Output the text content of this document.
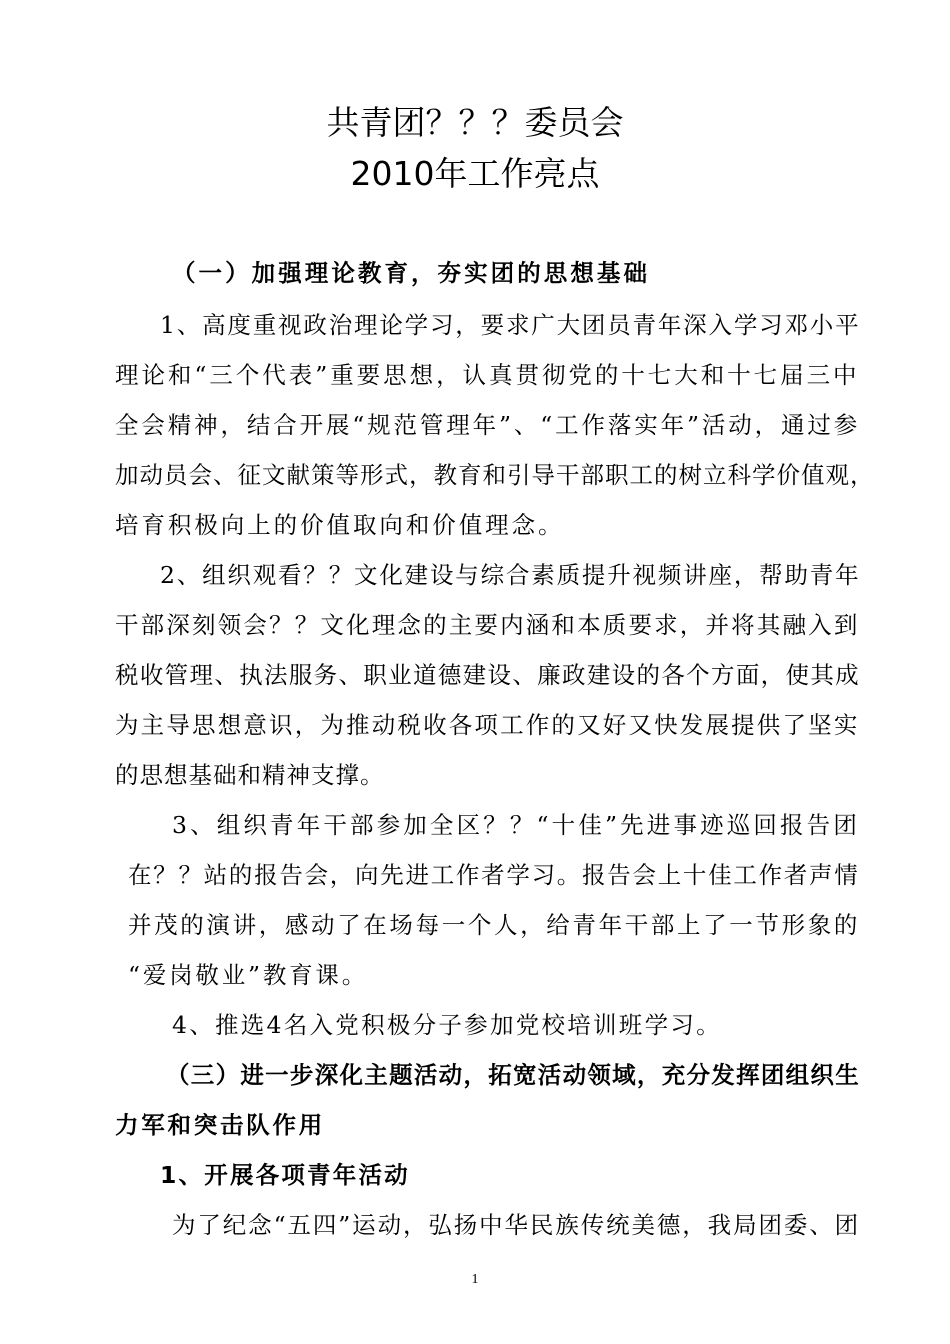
共青团？？？委员会
2010年工作亮点
（一）加强理论教育，夯实团的思想基础
1、高度重视政治理论学习，要求广大团员青年深入学习邓小平
理论和“三个代表”重要思想，认真贯彻党的十七大和十七届三中
全会精神，结合开展“规范管理年”、“工作落实年”活动，通过参
加动员会、征文献策等形式，教育和引导干部职工的树立科学价值观，
培育积极向上的价值取向和价值理念。
2、组织观看？？文化建设与综合素质提升视频讲座，帮助青年
干部深刻领会？？文化理念的主要内涵和本质要求，并将其融入到
税收管理、执法服务、职业道德建设、廉政建设的各个方面，使其成
为主导思想意识，为推动税收各项工作的又好又快发展提供了坚实
的思想基础和精神支撑。
3、组织青年干部参加全区？？“十佳”先进事迹巡回报告团
在？？站的报告会，向先进工作者学习。报告会上十佳工作者声情
并茂的演讲，感动了在场每一个人，给青年干部上了一节形象的
“爱岗敬业”教育课。
4、推选4名入党积极分子参加党校培训班学习。
（三）进一步深化主题活动，拓宽活动领域，充分发挥团组织生
力军和突击队作用
1、开展各项青年活动
为了纪念“五四”运动，弘扬中华民族传统美德，我局团委、团
1
